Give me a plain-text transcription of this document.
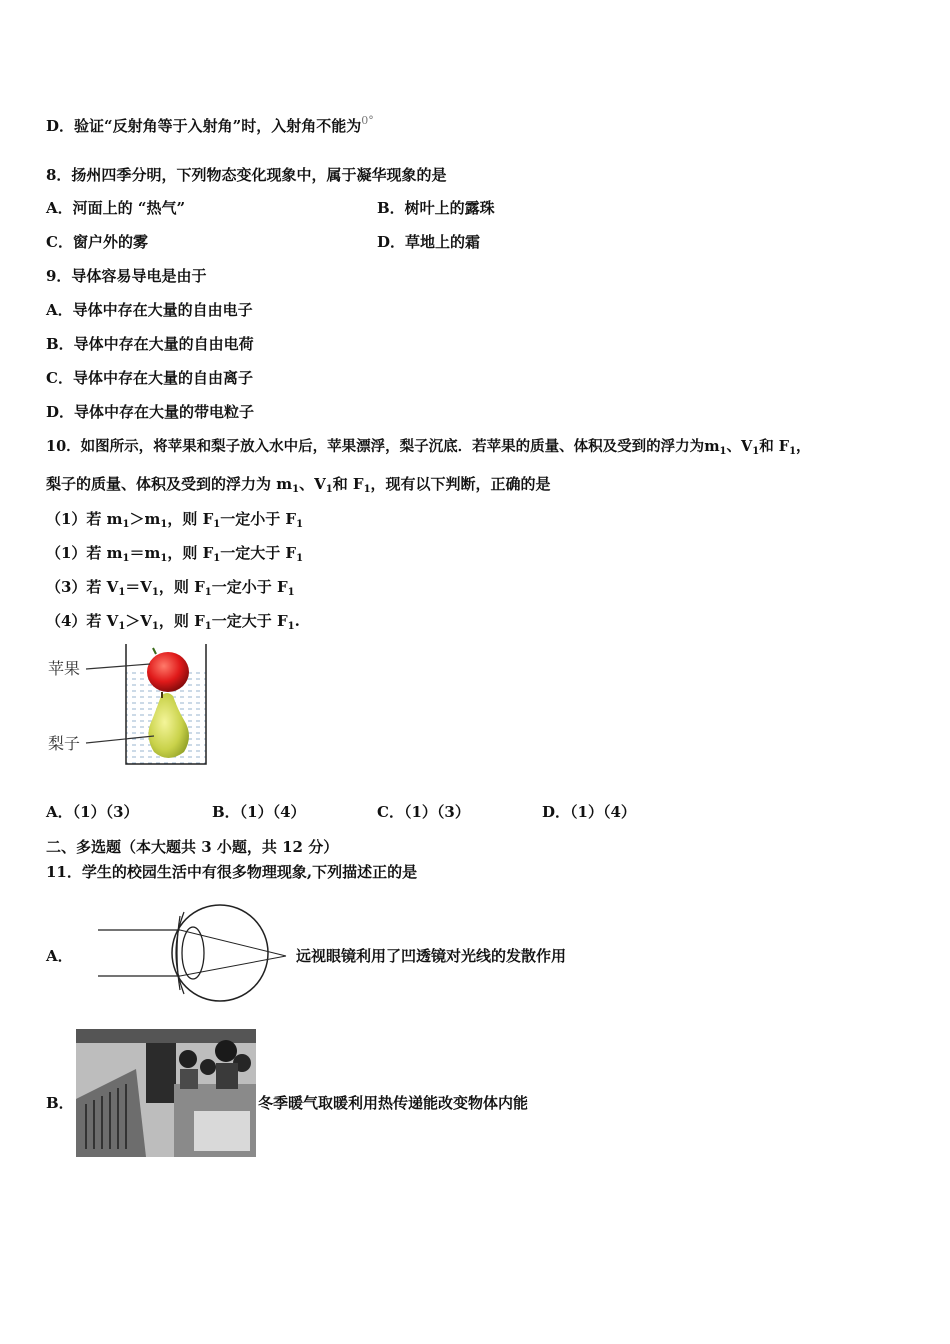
D．验证“反射角等于入射角”时，入射角不能为$^{0^\circ}$
8．扬州四季分明，下列物态变化现象中，属于凝华现象的是
A．河面上的 “热气”	B．树叶上的露珠
C．窗户外的雾	D．草地上的霜
9．导体容易导电是由于
A．导体中存在大量的自由电子
B．导体中存在大量的自由电荷
C．导体中存在大量的自由离子
D．导体中存在大量的带电粒子
10．如图所示，将苹果和梨子放入水中后，苹果漂浮，梨子沉底．若苹果的质量、体积及受到的浮力为$m_1$、$V_1$和 $F_1$，
梨子的质量、体积及受到的浮力为 $m_1$、$V_1$和 $F_1$，现有以下判断，正确的是
（1）若 $m_1>m_1$，则 $F_1$一定小于 $F_1$
（1）若 $m_1=m_1$，则 $F_1$一定大于 $F_1$
（3）若 $V_1=V_1$，则 $F_1$一定小于 $F_1$
（4）若 $V_1>V_1$，则 $F_1$一定大于 $F_1$.
苹果
梨子
A．（1）（3）	B．（1）（4）	C．（1）（3）	D．（1）（4）
二、多选题（本大题共 3 小题，共 12 分）
11．学生的校园生活中有很多物理现象,下列描述正的是
A．	远视眼镜利用了凹透镜对光线的发散作用
B．	冬季暖气取暖利用热传递能改变物体内能
